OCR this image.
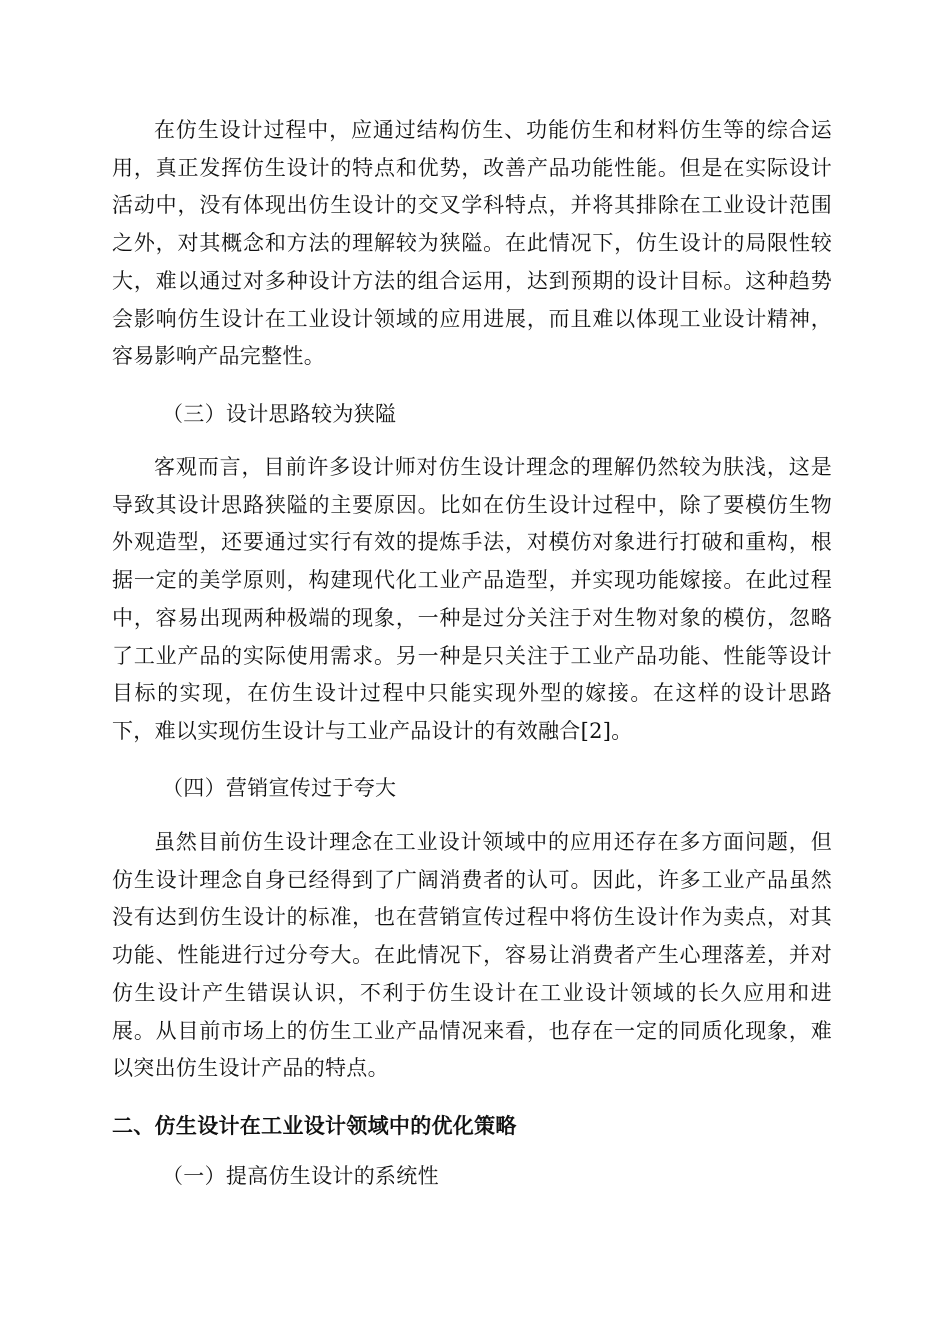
在仿生设计过程中，应通过结构仿生、功能仿生和材料仿生等的综合运用，真正发挥仿生设计的特点和优势，改善产品功能性能。但是在实际设计活动中，没有体现出仿生设计的交叉学科特点，并将其排除在工业设计范围之外，对其概念和方法的理解较为狭隘。在此情况下，仿生设计的局限性较大，难以通过对多种设计方法的组合运用，达到预期的设计目标。这种趋势会影响仿生设计在工业设计领域的应用进展，而且难以体现工业设计精神，容易影响产品完整性。

（三）设计思路较为狭隘

客观而言，目前许多设计师对仿生设计理念的理解仍然较为肤浅，这是导致其设计思路狭隘的主要原因。比如在仿生设计过程中，除了要模仿生物外观造型，还要通过实行有效的提炼手法，对模仿对象进行打破和重构，根据一定的美学原则，构建现代化工业产品造型，并实现功能嫁接。在此过程中，容易出现两种极端的现象，一种是过分关注于对生物对象的模仿，忽略了工业产品的实际使用需求。另一种是只关注于工业产品功能、性能等设计目标的实现，在仿生设计过程中只能实现外型的嫁接。在这样的设计思路下，难以实现仿生设计与工业产品设计的有效融合[2]。

（四）营销宣传过于夸大

虽然目前仿生设计理念在工业设计领域中的应用还存在多方面问题，但仿生设计理念自身已经得到了广阔消费者的认可。因此，许多工业产品虽然没有达到仿生设计的标准，也在营销宣传过程中将仿生设计作为卖点，对其功能、性能进行过分夸大。在此情况下，容易让消费者产生心理落差，并对仿生设计产生错误认识，不利于仿生设计在工业设计领域的长久应用和进展。从目前市场上的仿生工业产品情况来看，也存在一定的同质化现象，难以突出仿生设计产品的特点。

二、仿生设计在工业设计领域中的优化策略
（一）提高仿生设计的系统性
